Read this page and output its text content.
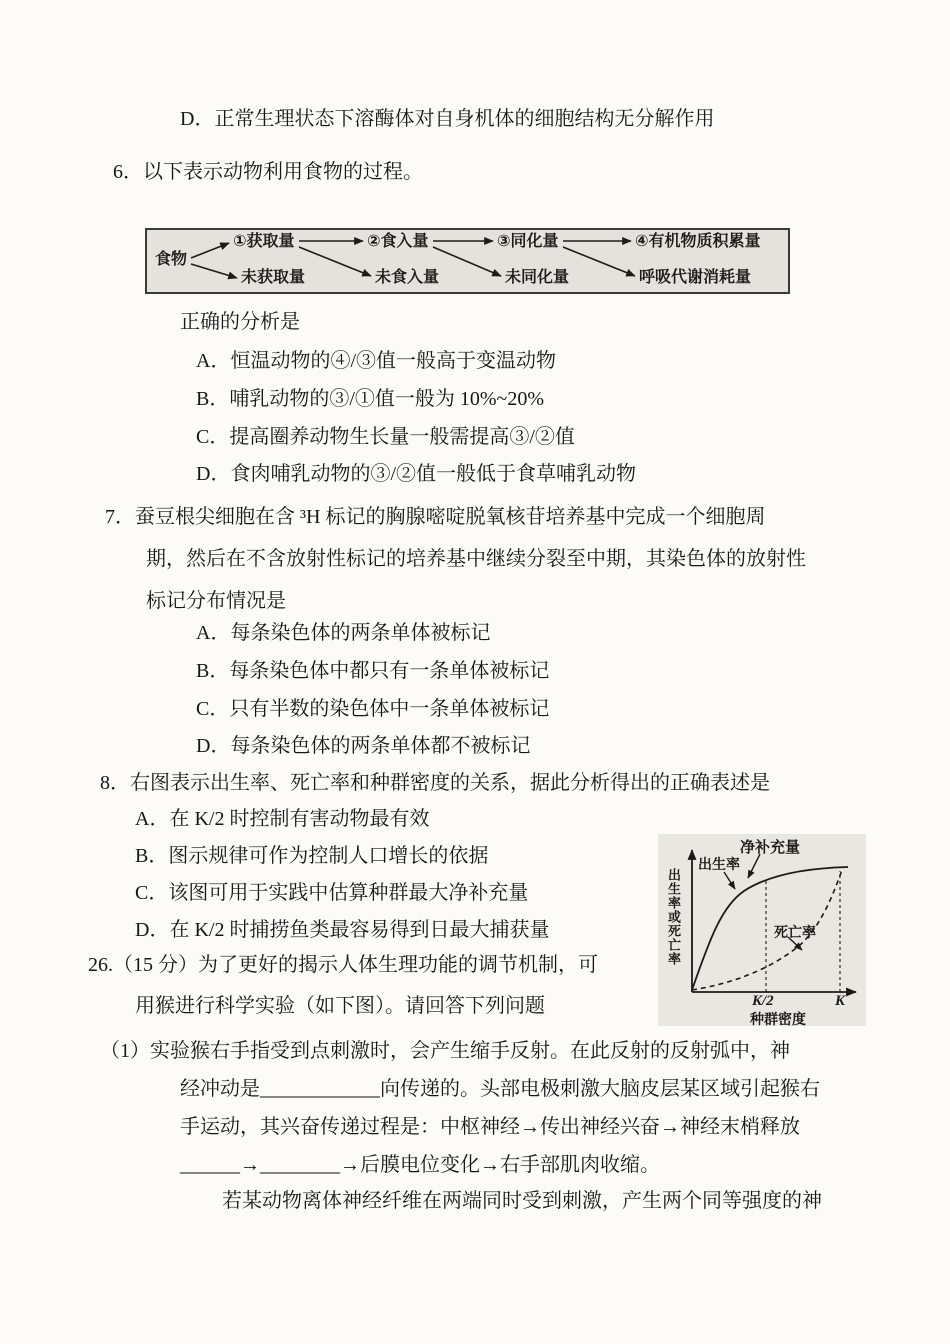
D．正常生理状态下溶酶体对自身机体的细胞结构无分解作用
6．以下表示动物利用食物的过程。
食物
①获取量
未获取量
②食入量
未食入量
③同化量
未同化量
④有机物质积累量
呼吸代谢消耗量
正确的分析是
A．恒温动物的④/③值一般高于变温动物
B．哺乳动物的③/①值一般为 10%~20%
C．提高圈养动物生长量一般需提高③/②值
D．食肉哺乳动物的③/②值一般低于食草哺乳动物
7．蚕豆根尖细胞在含 ³H 标记的胸腺嘧啶脱氧核苷培养基中完成一个细胞周
期，然后在不含放射性标记的培养基中继续分裂至中期，其染色体的放射性
标记分布情况是
A．每条染色体的两条单体被标记
B．每条染色体中都只有一条单体被标记
C．只有半数的染色体中一条单体被标记
D．每条染色体的两条单体都不被标记
8．右图表示出生率、死亡率和种群密度的关系，据此分析得出的正确表述是
A．在 K/2 时控制有害动物最有效
B．图示规律可作为控制人口增长的依据
C．该图可用于实践中估算种群最大净补充量
D．在 K/2 时捕捞鱼类最容易得到日最大捕获量
净补充量
出生率
死亡率
出生率或死亡率
K/2	K
种群密度
26.（15 分）为了更好的揭示人体生理功能的调节机制，可
用猴进行科学实验（如下图）。请回答下列问题
（1）实验猴右手指受到点刺激时，会产生缩手反射。在此反射的反射弧中，神
经冲动是____________向传递的。头部电极刺激大脑皮层某区域引起猴右
手运动，其兴奋传递过程是：中枢神经→传出神经兴奋→神经末梢释放
______→________→后膜电位变化→右手部肌肉收缩。
若某动物离体神经纤维在两端同时受到刺激，产生两个同等强度的神
